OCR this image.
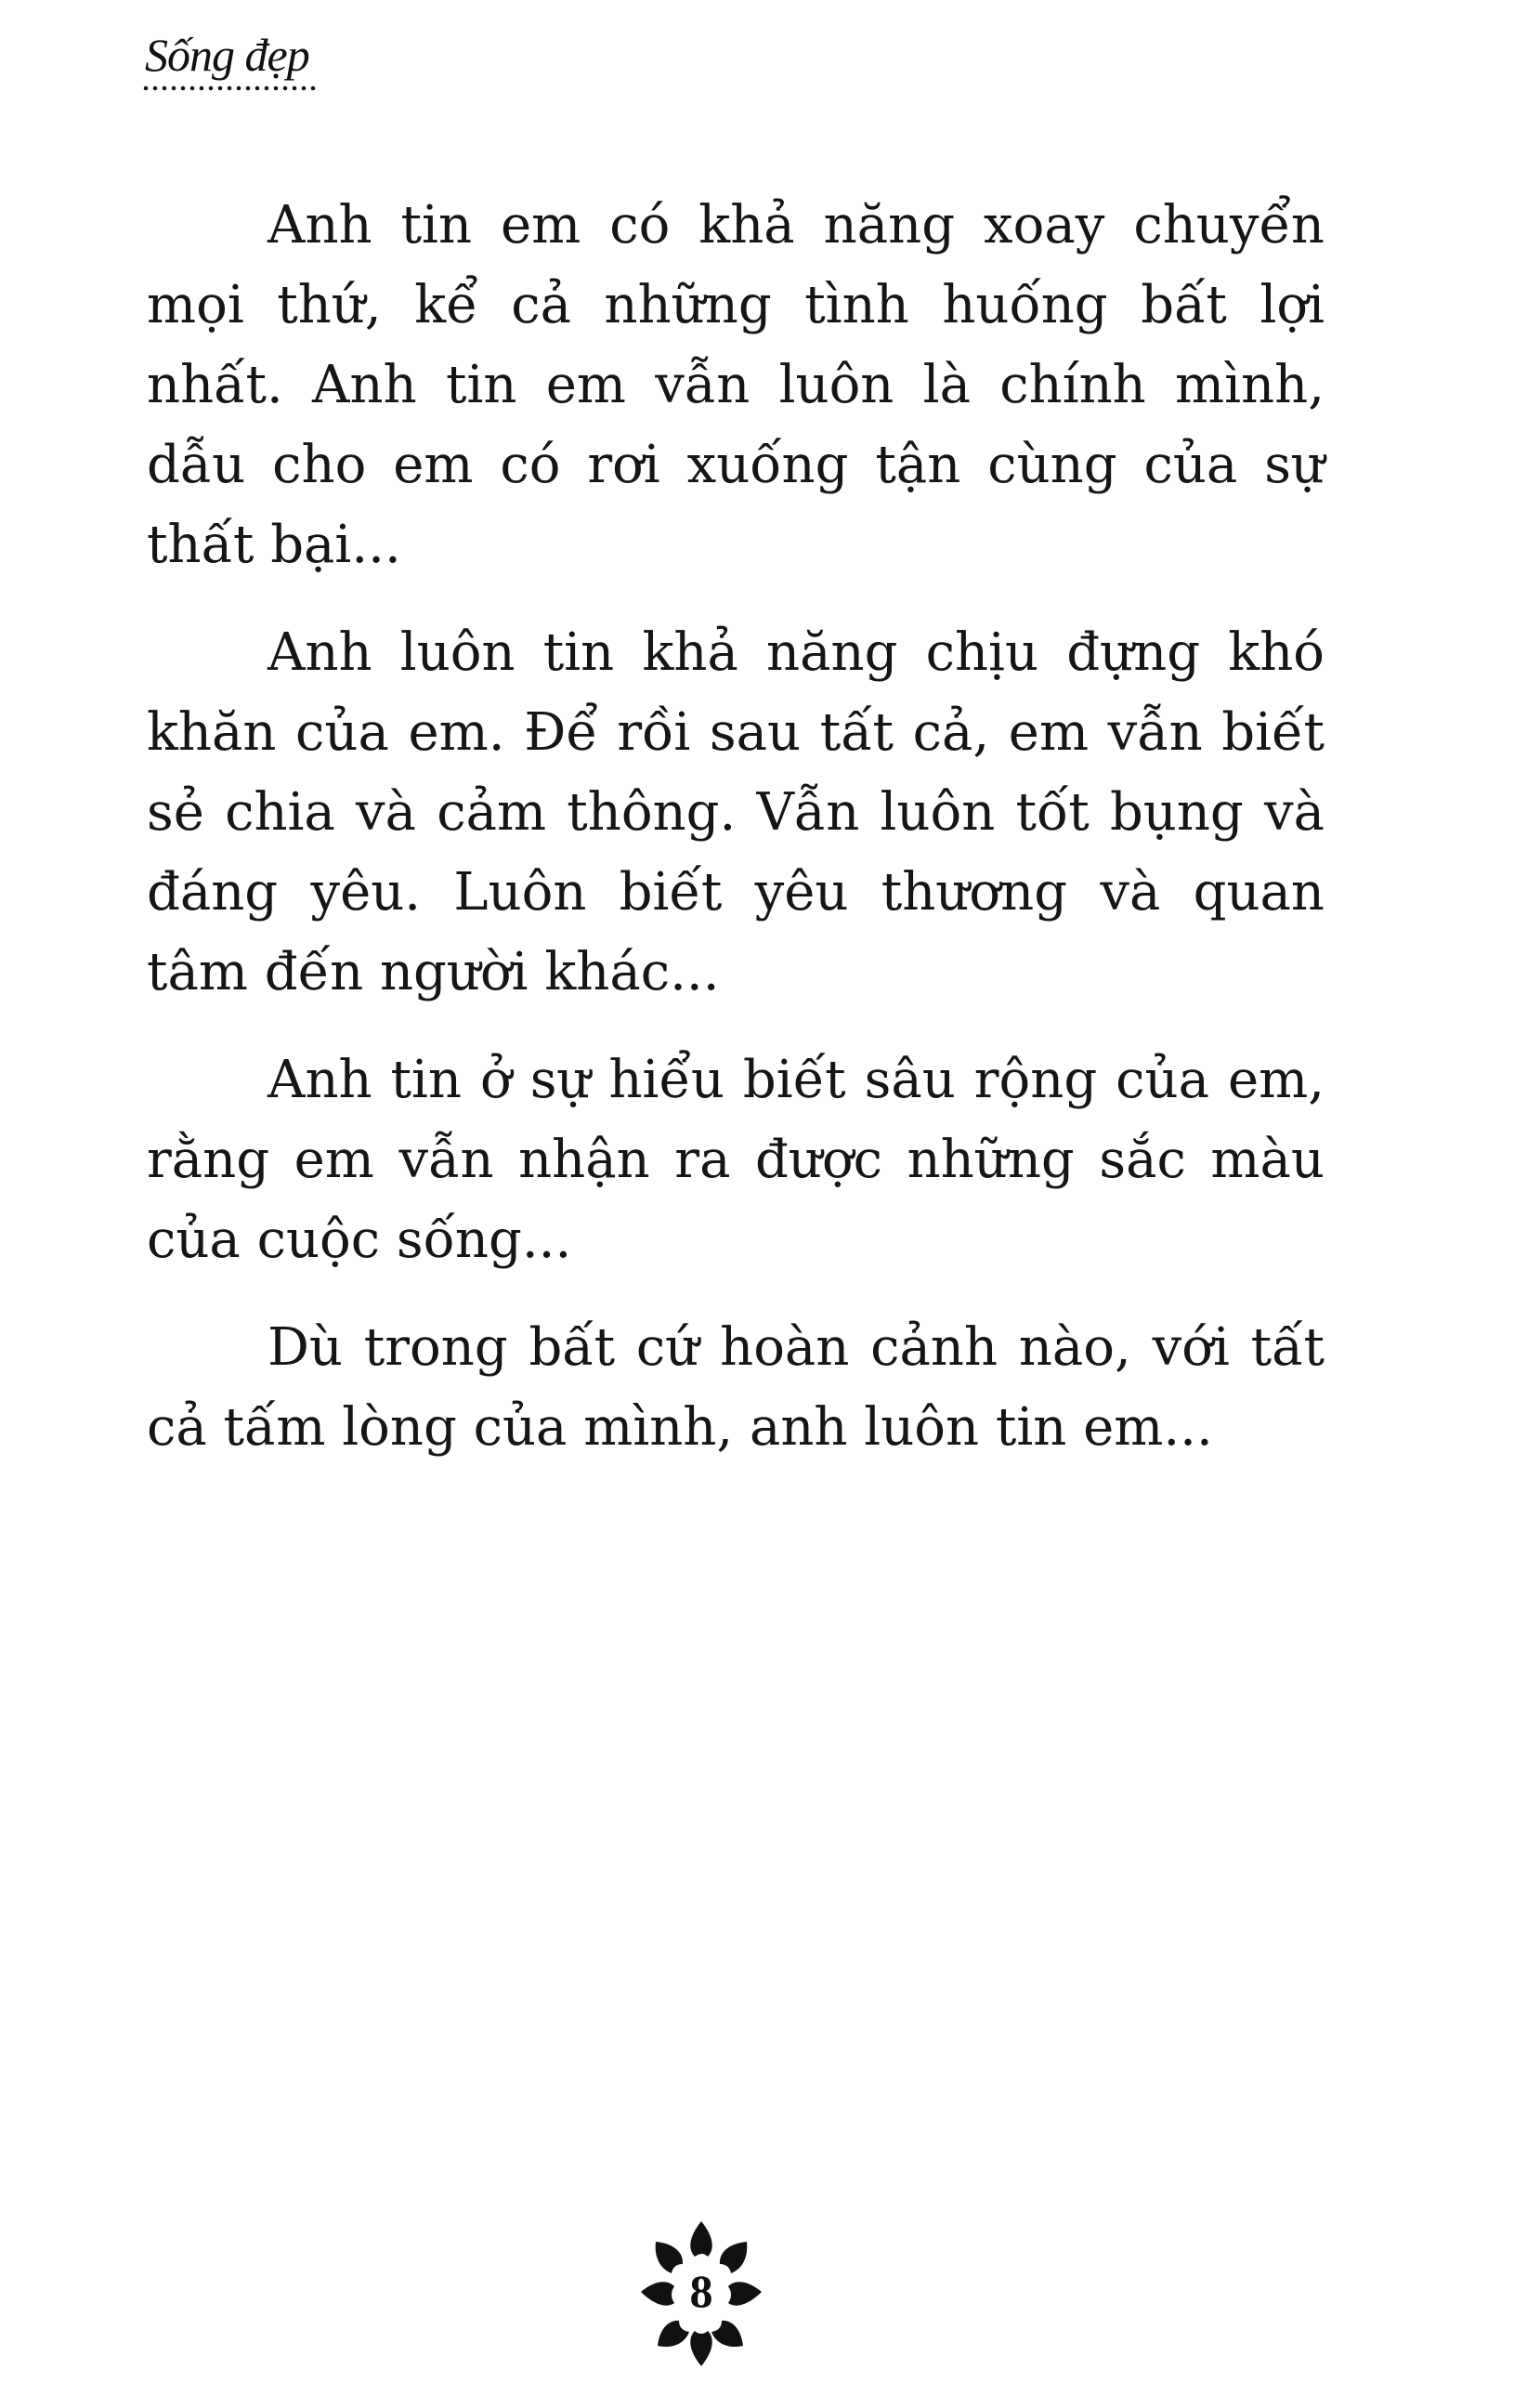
Sống đẹp

Anh tin em có khả năng xoay chuyển mọi thứ, kể cả những tình huống bất lợi nhất. Anh tin em vẫn luôn là chính mình, dẫu cho em có rơi xuống tận cùng của sự thất bại...

Anh luôn tin khả năng chịu đựng khó khăn của em. Để rồi sau tất cả, em vẫn biết sẻ chia và cảm thông. Vẫn luôn tốt bụng và đáng yêu. Luôn biết yêu thương và quan tâm đến người khác...

Anh tin ở sự hiểu biết sâu rộng của em, rằng em vẫn nhận ra được những sắc màu của cuộc sống...

Dù trong bất cứ hoàn cảnh nào, với tất cả tấm lòng của mình, anh luôn tin em...

8
